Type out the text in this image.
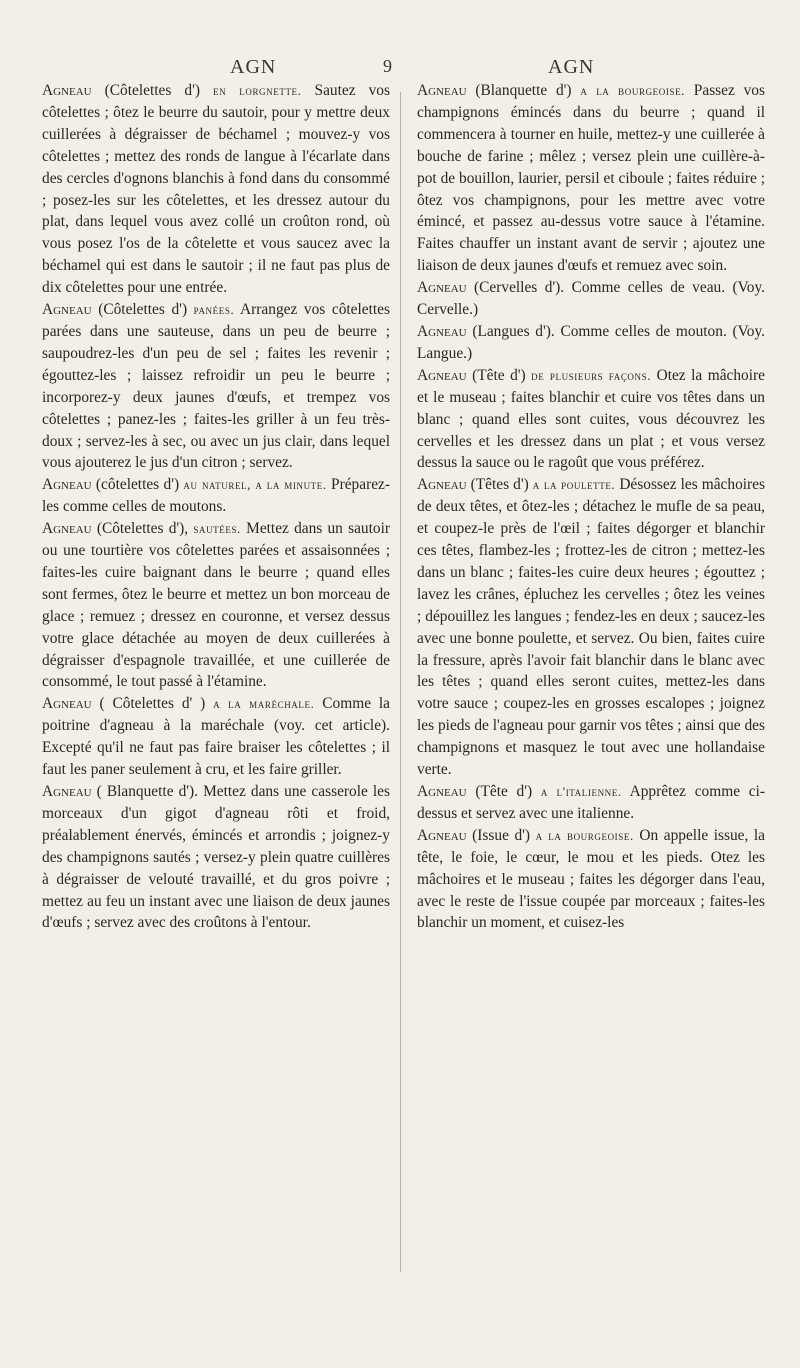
AGN	9	AGN

Agneau (Côtelettes d') en lorgnette. Sautez vos côtelettes ; ôtez le beurre du sautoir, pour y mettre deux cuillerées à dégraisser de béchamel ; mouvez-y vos côtelettes ; mettez des ronds de langue à l'écarlate dans des cercles d'ognons blanchis à fond dans du consommé ; posez-les sur les côtelettes, et les dressez autour du plat, dans lequel vous avez collé un croûton rond, où vous posez l'os de la côtelette et vous saucez avec la béchamel qui est dans le sautoir ; il ne faut pas plus de dix côtelettes pour une entrée.

Agneau (Côtelettes d') panées. Arrangez vos côtelettes parées dans une sauteuse, dans un peu de beurre ; saupoudrez-les d'un peu de sel ; faites les revenir ; égouttez-les ; laissez refroidir un peu le beurre ; incorporez-y deux jaunes d'œufs, et trempez vos côtelettes ; panez-les ; faites-les griller à un feu très-doux ; servez-les à sec, ou avec un jus clair, dans lequel vous ajouterez le jus d'un citron ; servez.

Agneau (côtelettes d') au naturel, a la minute. Préparez-les comme celles de moutons.

Agneau (Côtelettes d'), sautées. Mettez dans un sautoir ou une tourtière vos côtelettes parées et assaisonnées ; faites-les cuire baignant dans le beurre ; quand elles sont fermes, ôtez le beurre et mettez un bon morceau de glace ; remuez ; dressez en couronne, et versez dessus votre glace détachée au moyen de deux cuillerées à dégraisser d'espagnole travaillée, et une cuillerée de consommé, le tout passé à l'étamine.

Agneau ( Côtelettes d' ) a la maréchale. Comme la poitrine d'agneau à la maréchale (voy. cet article). Excepté qu'il ne faut pas faire braiser les côtelettes ; il faut les paner seulement à cru, et les faire griller.

Agneau ( Blanquette d'). Mettez dans une casserole les morceaux d'un gigot d'agneau rôti et froid, préalablement énervés, émincés et arrondis ; joignez-y des champignons sautés ; versez-y plein quatre cuillères à dégraisser de velouté travaillé, et du gros poivre ; mettez au feu un instant avec une liaison de deux jaunes d'œufs ; servez avec des croûtons à l'entour.

Agneau (Blanquette d') a la bourgeoise. Passez vos champignons émincés dans du beurre ; quand il commencera à tourner en huile, mettez-y une cuillerée à bouche de farine ; mêlez ; versez plein une cuillère-à-pot de bouillon, laurier, persil et ciboule ; faites réduire ; ôtez vos champignons, pour les mettre avec votre émincé, et passez au-dessus votre sauce à l'étamine. Faites chauffer un instant avant de servir ; ajoutez une liaison de deux jaunes d'œufs et remuez avec soin.

Agneau (Cervelles d'). Comme celles de veau. (Voy. Cervelle.)

Agneau (Langues d'). Comme celles de mouton. (Voy. Langue.)

Agneau (Tête d') de plusieurs façons. Otez la mâchoire et le museau ; faites blanchir et cuire vos têtes dans un blanc ; quand elles sont cuites, vous découvrez les cervelles et les dressez dans un plat ; et vous versez dessus la sauce ou le ragoût que vous préférez.

Agneau (Têtes d') a la poulette. Désossez les mâchoires de deux têtes, et ôtez-les ; détachez le mufle de sa peau, et coupez-le près de l'œil ; faites dégorger et blanchir ces têtes, flambez-les ; frottez-les de citron ; mettez-les dans un blanc ; faites-les cuire deux heures ; égouttez ; lavez les crânes, épluchez les cervelles ; ôtez les veines ; dépouillez les langues ; fendez-les en deux ; saucez-les avec une bonne poulette, et servez. Ou bien, faites cuire la fressure, après l'avoir fait blanchir dans le blanc avec les têtes ; quand elles seront cuites, mettez-les dans votre sauce ; coupez-les en grosses escalopes ; joignez les pieds de l'agneau pour garnir vos têtes ; ainsi que des champignons et masquez le tout avec une hollandaise verte.

Agneau (Tête d') a l'italienne. Apprêtez comme ci-dessus et servez avec une italienne.

Agneau (Issue d') a la bourgeoise. On appelle issue, la tête, le foie, le cœur, le mou et les pieds. Otez les mâchoires et le museau ; faites les dégorger dans l'eau, avec le reste de l'issue coupée par morceaux ; faites-les blanchir un moment, et cuisez-les
